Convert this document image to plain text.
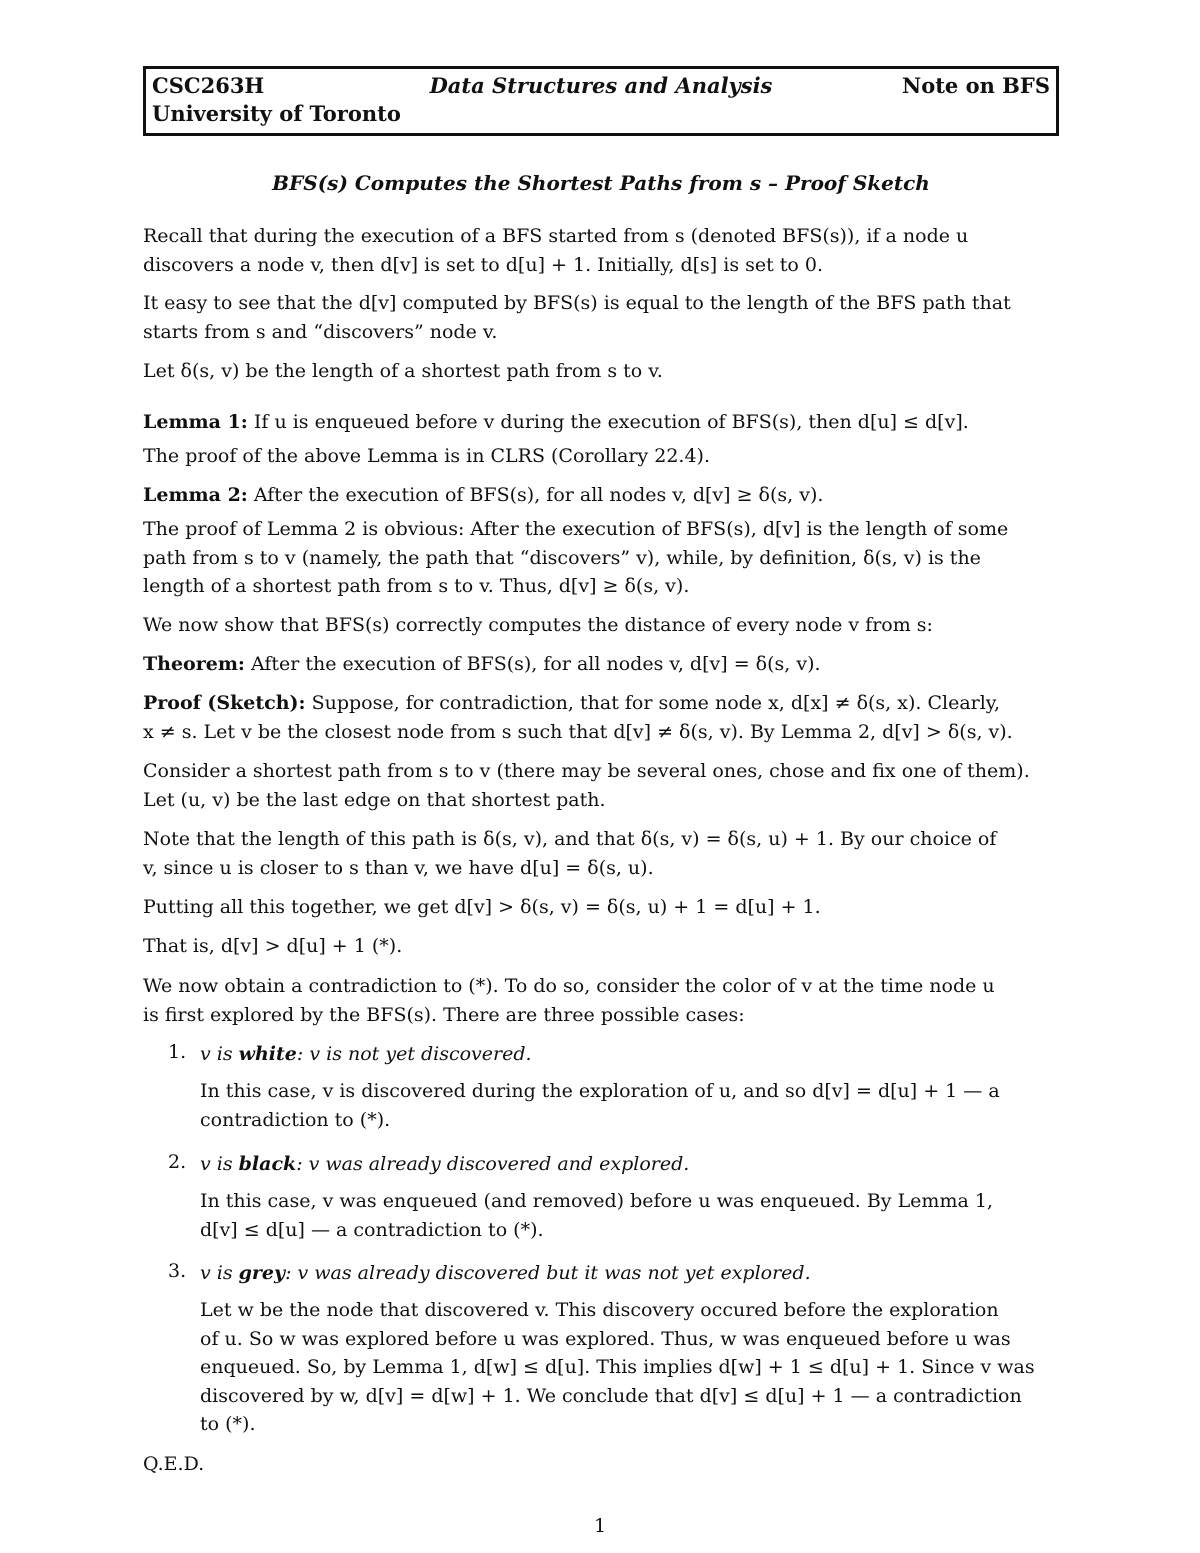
CSC263H	Data Structures and Analysis	Note on BFS
University of Toronto
BFS(s) Computes the Shortest Paths from s – Proof Sketch
Recall that during the execution of a BFS started from s (denoted BFS(s)), if a node u
discovers a node v, then d[v] is set to d[u] + 1. Initially, d[s] is set to 0.
It easy to see that the d[v] computed by BFS(s) is equal to the length of the BFS path that
starts from s and “discovers” node v.
Let δ(s, v) be the length of a shortest path from s to v.
Lemma 1: If u is enqueued before v during the execution of BFS(s), then d[u] ≤ d[v].
The proof of the above Lemma is in CLRS (Corollary 22.4).
Lemma 2: After the execution of BFS(s), for all nodes v, d[v] ≥ δ(s, v).
The proof of Lemma 2 is obvious: After the execution of BFS(s), d[v] is the length of some
path from s to v (namely, the path that “discovers” v), while, by definition, δ(s, v) is the
length of a shortest path from s to v. Thus, d[v] ≥ δ(s, v).
We now show that BFS(s) correctly computes the distance of every node v from s:
Theorem: After the execution of BFS(s), for all nodes v, d[v] = δ(s, v).
Proof (Sketch): Suppose, for contradiction, that for some node x, d[x] ≠ δ(s, x). Clearly,
x ≠ s. Let v be the closest node from s such that d[v] ≠ δ(s, v). By Lemma 2, d[v] > δ(s, v).
Consider a shortest path from s to v (there may be several ones, chose and fix one of them).
Let (u, v) be the last edge on that shortest path.
Note that the length of this path is δ(s, v), and that δ(s, v) = δ(s, u) + 1. By our choice of
v, since u is closer to s than v, we have d[u] = δ(s, u).
Putting all this together, we get d[v] > δ(s, v) = δ(s, u) + 1 = d[u] + 1.
That is, d[v] > d[u] + 1 (*).
We now obtain a contradiction to (*). To do so, consider the color of v at the time node u
is first explored by the BFS(s). There are three possible cases:
1. v is white: v is not yet discovered.
In this case, v is discovered during the exploration of u, and so d[v] = d[u] + 1 — a
contradiction to (*).
2. v is black: v was already discovered and explored.
In this case, v was enqueued (and removed) before u was enqueued. By Lemma 1,
d[v] ≤ d[u] — a contradiction to (*).
3. v is grey: v was already discovered but it was not yet explored.
Let w be the node that discovered v. This discovery occured before the exploration
of u. So w was explored before u was explored. Thus, w was enqueued before u was
enqueued. So, by Lemma 1, d[w] ≤ d[u]. This implies d[w] + 1 ≤ d[u] + 1. Since v was
discovered by w, d[v] = d[w] + 1. We conclude that d[v] ≤ d[u] + 1 — a contradiction
to (*).
Q.E.D.
1
